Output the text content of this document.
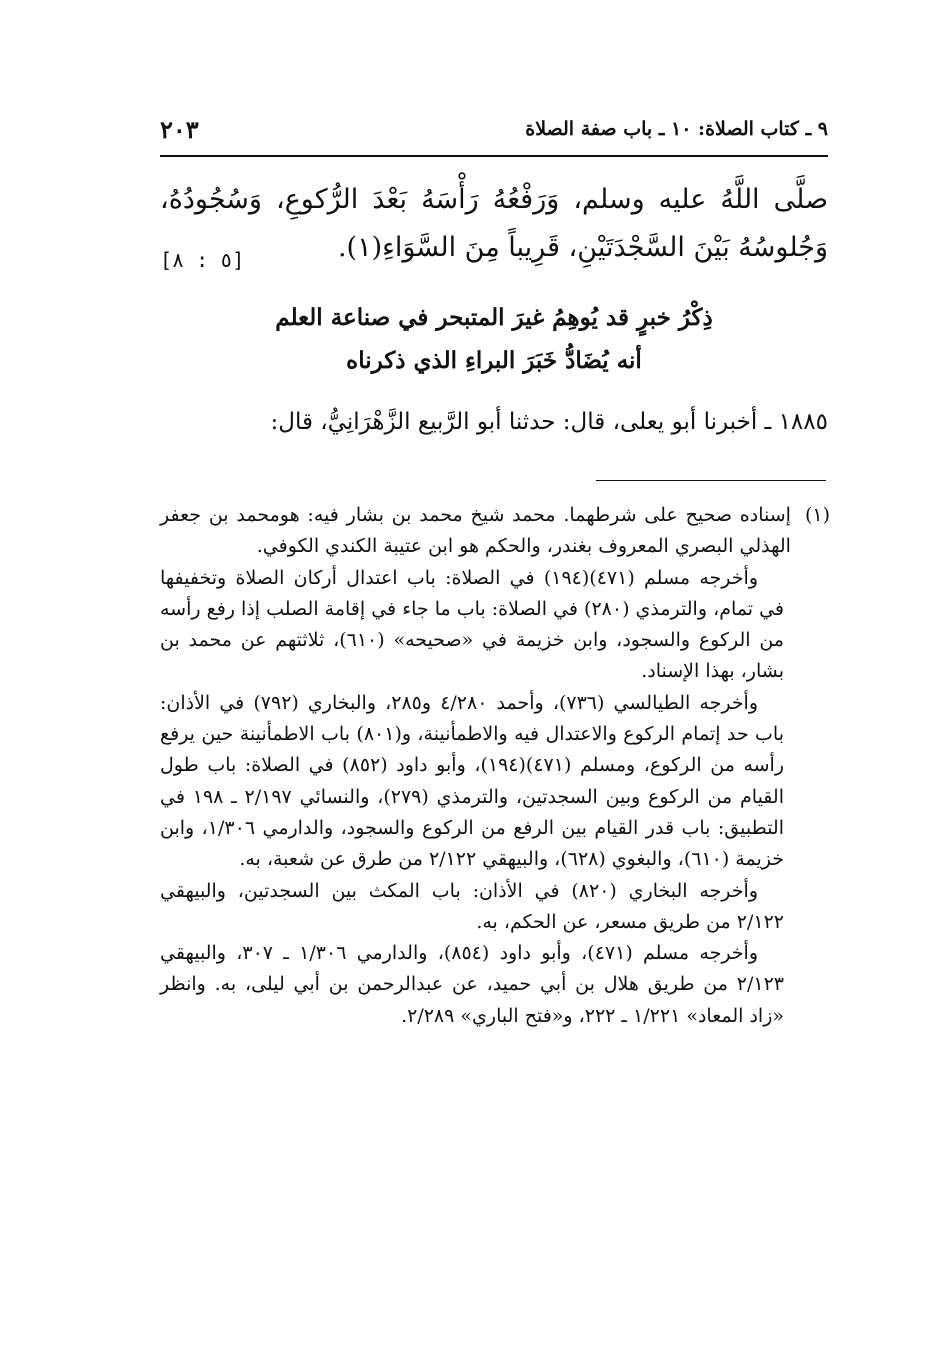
٩ ـ كتاب الصلاة: ١٠ ـ باب صفة الصلاة
٢٠٣
صلَّى اللَّهُ عليه وسلم، وَرَفْعُهُ رَأْسَهُ بَعْدَ الرُّكوعِ، وَسُجُودُهُ، وَجُلوسُهُ بَيْنَ السَّجْدَتَيْنِ، قَرِيباً مِنَ السَّوَاءِ(١).
[٥ : ٨]
ذِكْرُ خبرٍ قد يُوهِمُ غيرَ المتبحر في صناعة العلم
أنه يُضَادُّ خَبَرَ البراءِ الذي ذكرناه
١٨٨٥ ـ أخبرنا أبو يعلى، قال: حدثنا أبو الرَّبيع الزَّهْرَانِيُّ، قال:
(١)
إسناده صحيح على شرطهما. محمد شيخ محمد بن بشار فيه: هومحمد بن جعفر الهذلي البصري المعروف بغندر، والحكم هو ابن عتيبة الكندي الكوفي.
وأخرجه مسلم (٤٧١)(١٩٤) في الصلاة: باب اعتدال أركان الصلاة وتخفيفها في تمام، والترمذي (٢٨٠) في الصلاة: باب ما جاء في إقامة الصلب إذا رفع رأسه من الركوع والسجود، وابن خزيمة في «صحيحه» (٦١٠)، ثلاثتهم عن محمد بن بشار، بهذا الإسناد.
وأخرجه الطيالسي (٧٣٦)، وأحمد ٤/٢٨٠ و٢٨٥، والبخاري (٧٩٢) في الأذان: باب حد إتمام الركوع والاعتدال فيه والاطمأنينة، و(٨٠١) باب الاطمأنينة حين يرفع رأسه من الركوع، ومسلم (٤٧١)(١٩٤)، وأبو داود (٨٥٢) في الصلاة: باب طول القيام من الركوع وبين السجدتين، والترمذي (٢٧٩)، والنسائي ٢/١٩٧ ـ ١٩٨ في التطبيق: باب قدر القيام بين الرفع من الركوع والسجود، والدارمي ١/٣٠٦، وابن خزيمة (٦١٠)، والبغوي (٦٢٨)، والبيهقي ٢/١٢٢ من طرق عن شعبة، به.
وأخرجه البخاري (٨٢٠) في الأذان: باب المكث بين السجدتين، والبيهقي ٢/١٢٢ من طريق مسعر، عن الحكم، به.
وأخرجه مسلم (٤٧١)، وأبو داود (٨٥٤)، والدارمي ١/٣٠٦ ـ ٣٠٧، والبيهقي ٢/١٢٣ من طريق هلال بن أبي حميد، عن عبدالرحمن بن أبي ليلى، به. وانظر «زاد المعاد» ١/٢٢١ ـ ٢٢٢، و«فتح الباري» ٢/٢٨٩.
